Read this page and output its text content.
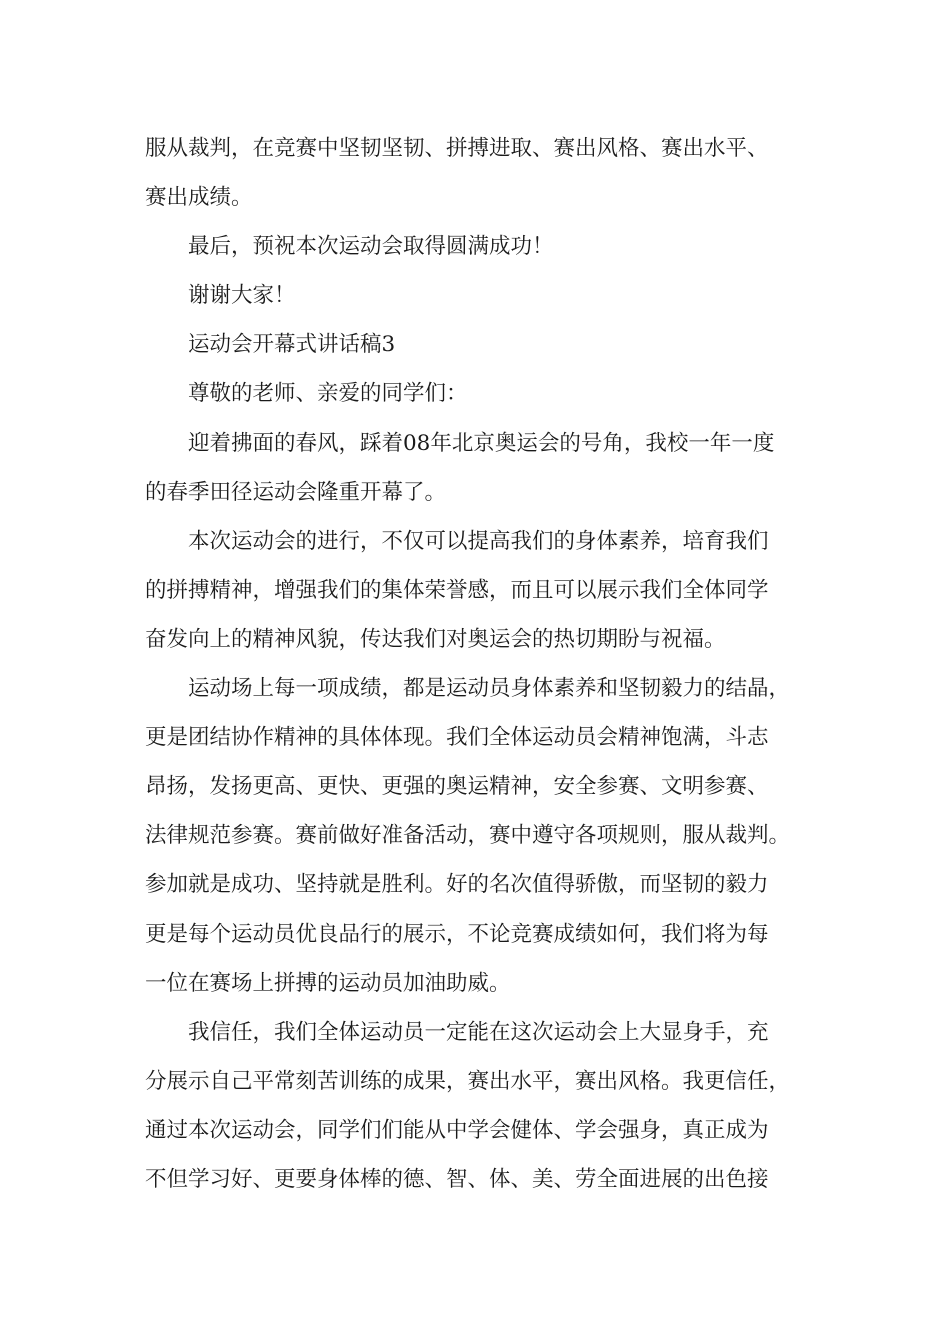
服从裁判，在竞赛中坚韧坚韧、拼搏进取、赛出风格、赛出水平、
赛出成绩。
最后，预祝本次运动会取得圆满成功！
谢谢大家！
运动会开幕式讲话稿3
尊敬的老师、亲爱的同学们：
迎着拂面的春风，踩着08年北京奥运会的号角，我校一年一度
的春季田径运动会隆重开幕了。
本次运动会的进行，不仅可以提高我们的身体素养，培育我们
的拼搏精神，增强我们的集体荣誉感，而且可以展示我们全体同学
奋发向上的精神风貌，传达我们对奥运会的热切期盼与祝福。
运动场上每一项成绩，都是运动员身体素养和坚韧毅力的结晶，
更是团结协作精神的具体体现。我们全体运动员会精神饱满，斗志
昂扬，发扬更高、更快、更强的奥运精神，安全参赛、文明参赛、
法律规范参赛。赛前做好准备活动，赛中遵守各项规则，服从裁判。
参加就是成功、坚持就是胜利。好的名次值得骄傲，而坚韧的毅力
更是每个运动员优良品行的展示，不论竞赛成绩如何，我们将为每
一位在赛场上拼搏的运动员加油助威。
我信任，我们全体运动员一定能在这次运动会上大显身手，充
分展示自己平常刻苦训练的成果，赛出水平，赛出风格。我更信任，
通过本次运动会，同学们们能从中学会健体、学会强身，真正成为
不但学习好、更要身体棒的德、智、体、美、劳全面进展的出色接
